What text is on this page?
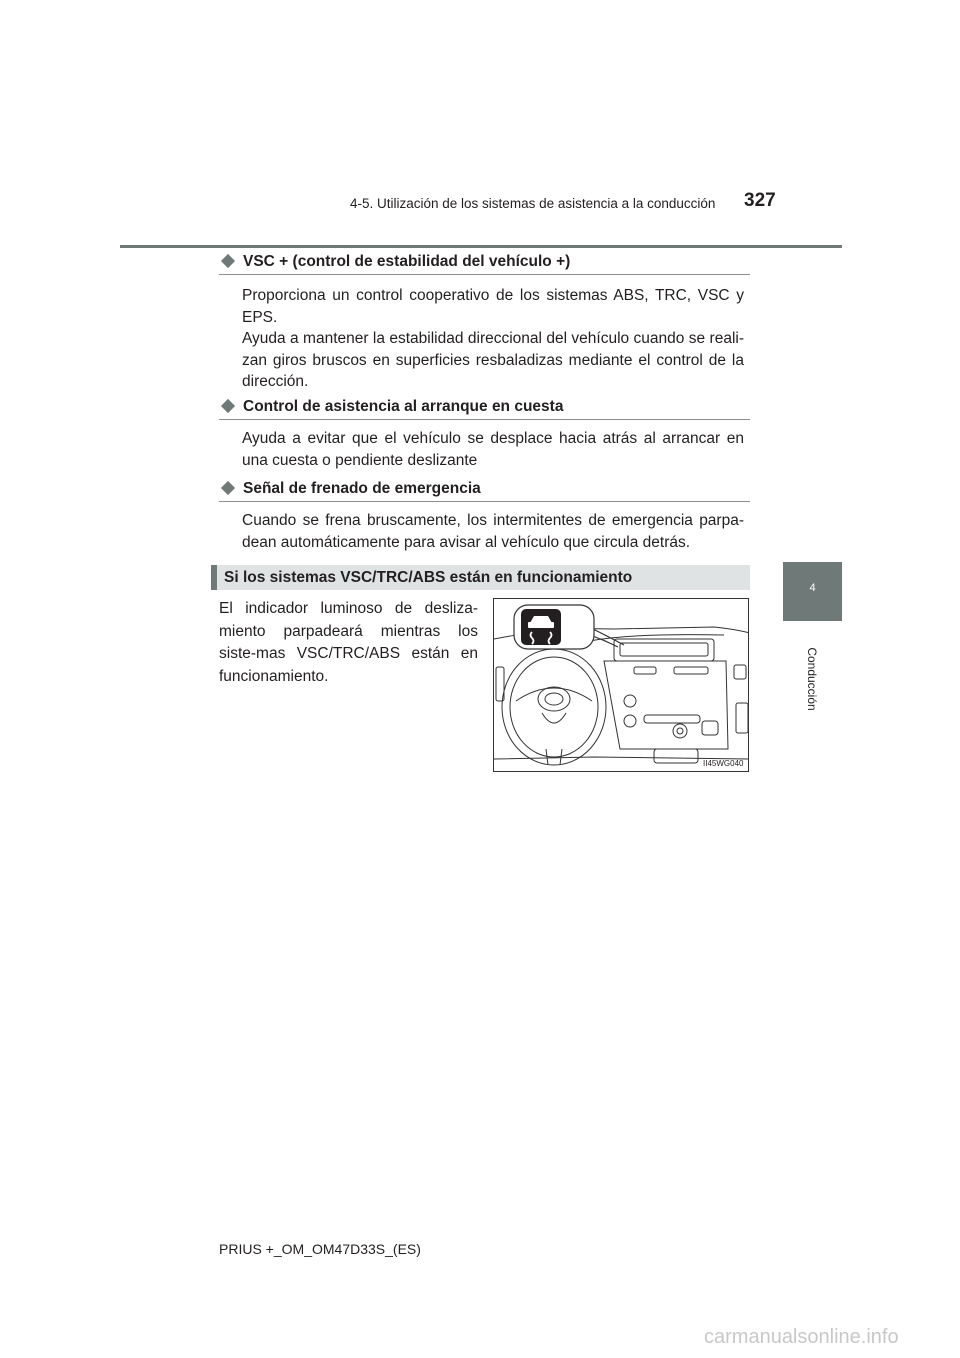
4-5. Utilización de los sistemas de asistencia a la conducción 327
4
Conducción
VSC + (control de estabilidad del vehículo +)
Proporciona un control cooperativo de los sistemas ABS, TRC, VSC y EPS.
Ayuda a mantener la estabilidad direccional del vehículo cuando se reali-zan giros bruscos en superficies resbaladizas mediante el control de la dirección.
Control de asistencia al arranque en cuesta
Ayuda a evitar que el vehículo se desplace hacia atrás al arrancar en una cuesta o pendiente deslizante
Señal de frenado de emergencia
Cuando se frena bruscamente, los intermitentes de emergencia parpa-dean automáticamente para avisar al vehículo que circula detrás.
Si los sistemas VSC/TRC/ABS están en funcionamiento
El indicador luminoso de desliza-miento parpadeará mientras los siste-mas VSC/TRC/ABS están en funcionamiento.
II45WG040
PRIUS +_OM_OM47D33S_(ES)
carmanualsonline.info
